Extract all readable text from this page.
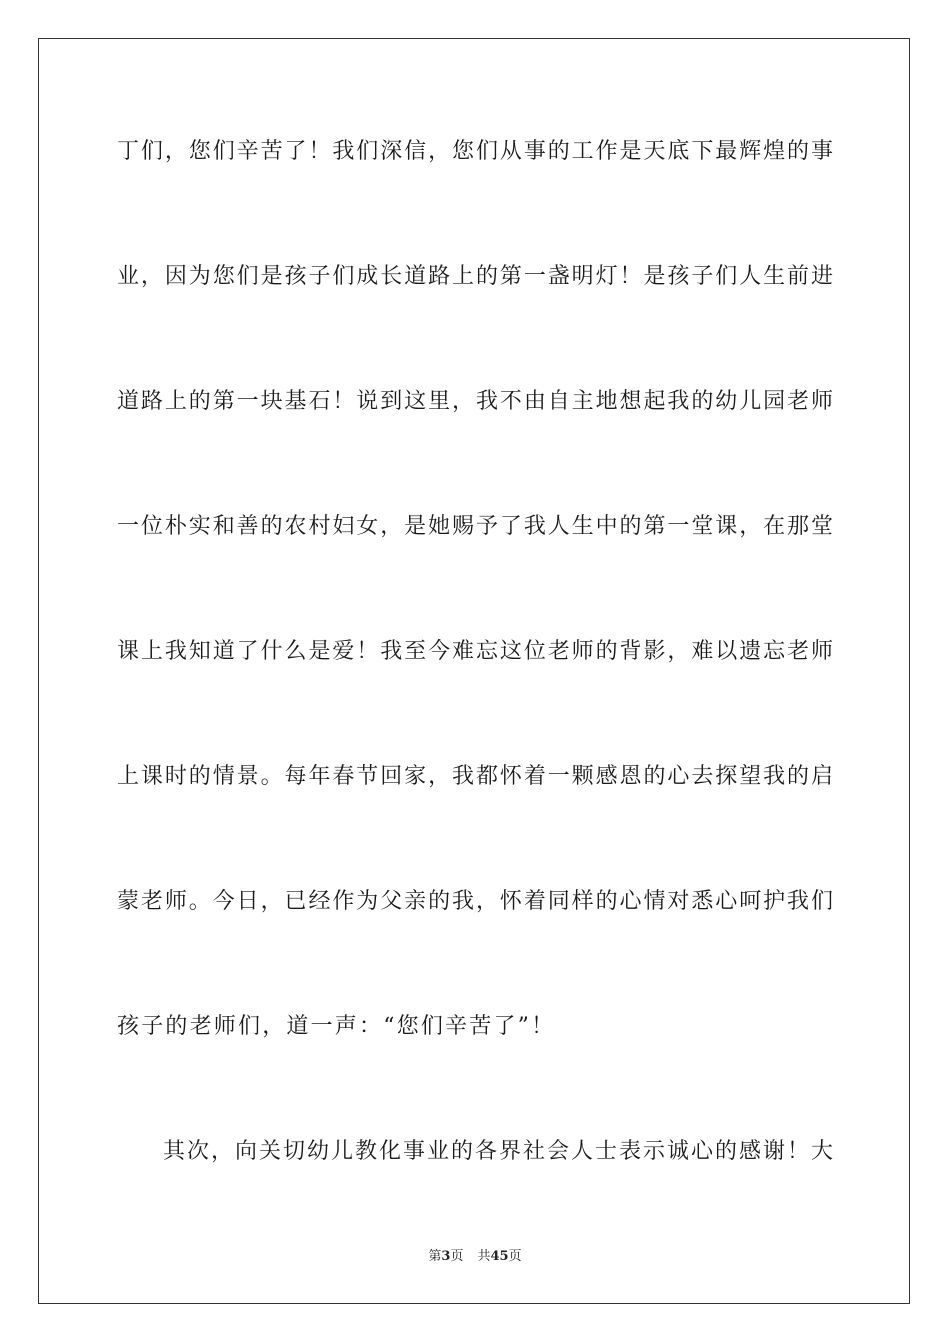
丁们，您们辛苦了！我们深信，您们从事的工作是天底下最辉煌的事
业，因为您们是孩子们成长道路上的第一盏明灯！是孩子们人生前进
道路上的第一块基石！说到这里，我不由自主地想起我的幼儿园老师
一位朴实和善的农村妇女，是她赐予了我人生中的第一堂课，在那堂
课上我知道了什么是爱！我至今难忘这位老师的背影，难以遗忘老师
上课时的情景。每年春节回家，我都怀着一颗感恩的心去探望我的启
蒙老师。今日，已经作为父亲的我，怀着同样的心情对悉心呵护我们
孩子的老师们，道一声：“您们辛苦了”！
其次，向关切幼儿教化事业的各界社会人士表示诚心的感谢！大
第3页 共45页
